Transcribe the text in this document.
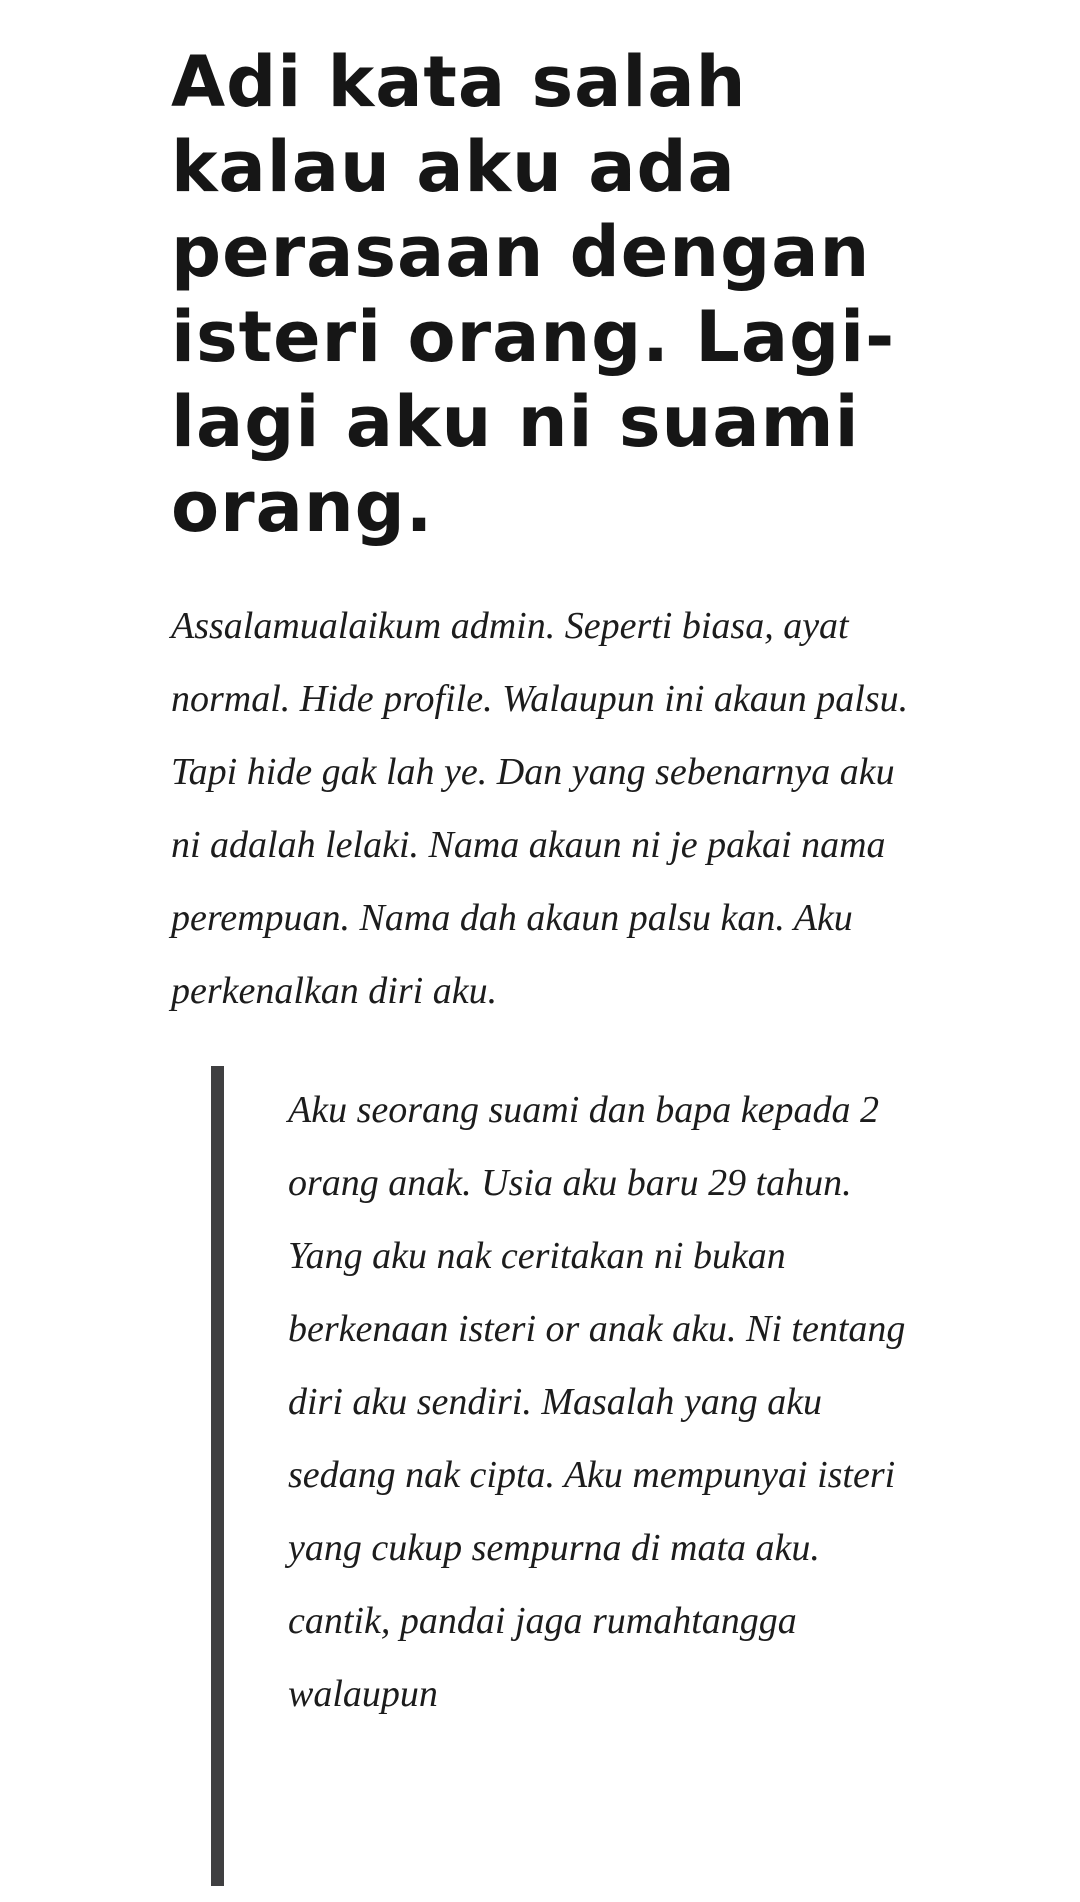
Adi kata salah kalau aku ada perasaan dengan isteri orang. Lagi-lagi aku ni suami orang.

Assalamualaikum admin. Seperti biasa, ayat normal. Hide profile. Walaupun ini akaun palsu. Tapi hide gak lah ye. Dan yang sebenarnya aku ni adalah lelaki. Nama akaun ni je pakai nama perempuan. Nama dah akaun palsu kan. Aku perkenalkan diri aku.

Aku seorang suami dan bapa kepada 2 orang anak. Usia aku baru 29 tahun. Yang aku nak ceritakan ni bukan berkenaan isteri or anak aku. Ni tentang diri aku sendiri. Masalah yang aku sedang nak cipta. Aku mempunyai isteri yang cukup sempurna di mata aku. cantik, pandai jaga rumahtangga walaupun
